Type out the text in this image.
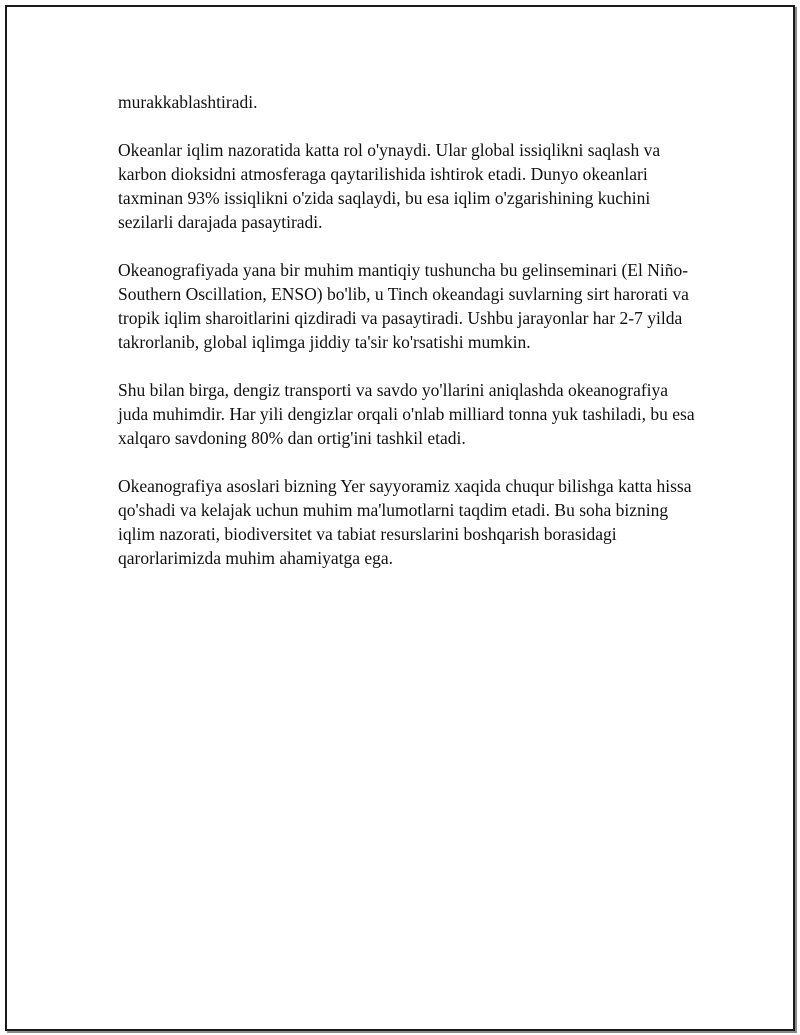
murakkablashtiradi.

Okeanlar iqlim nazoratida katta rol o'ynaydi. Ular global issiqlikni saqlash va karbon dioksidni atmosferaga qaytarilishida ishtirok etadi. Dunyo okeanlari taxminan 93% issiqlikni o'zida saqlaydi, bu esa iqlim o'zgarishining kuchini sezilarli darajada pasaytiradi.

Okeanografiyada yana bir muhim mantiqiy tushuncha bu gelinseminari (El Niño-Southern Oscillation, ENSO) bo'lib, u Tinch okeandagi suvlarning sirt harorati va tropik iqlim sharoitlarini qizdiradi va pasaytiradi. Ushbu jarayonlar har 2-7 yilda takrorlanib, global iqlimga jiddiy ta'sir ko'rsatishi mumkin.

Shu bilan birga, dengiz transporti va savdo yo'llarini aniqlashda okeanografiya juda muhimdir. Har yili dengizlar orqali o'nlab milliard tonna yuk tashiladi, bu esa xalqaro savdoning 80% dan ortig'ini tashkil etadi.

Okeanografiya asoslari bizning Yer sayyoramiz xaqida chuqur bilishga katta hissa qo'shadi va kelajak uchun muhim ma'lumotlarni taqdim etadi. Bu soha bizning iqlim nazorati, biodiversitet va tabiat resurslarini boshqarish borasidagi qarorlarimizda muhim ahamiyatga ega.
